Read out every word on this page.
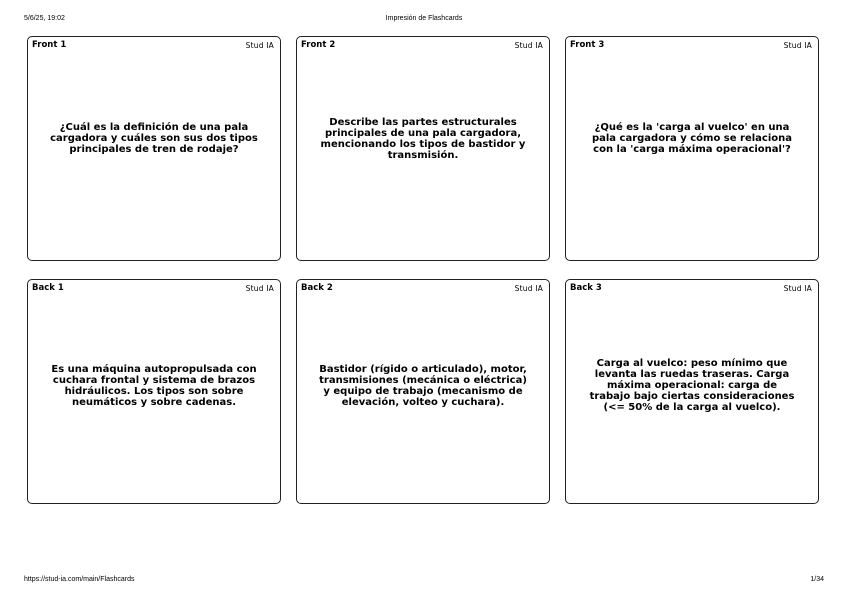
5/6/25, 19:02	Impresión de Flashcards
Front 1	Stud IA
¿Cuál es la definición de una pala cargadora y cuáles son sus dos tipos principales de tren de rodaje?
Front 2	Stud IA
Describe las partes estructurales principales de una pala cargadora, mencionando los tipos de bastidor y transmisión.
Front 3	Stud IA
¿Qué es la 'carga al vuelco' en una pala cargadora y cómo se relaciona con la 'carga máxima operacional'?
Back 1	Stud IA
Es una máquina autopropulsada con cuchara frontal y sistema de brazos hidráulicos. Los tipos son sobre neumáticos y sobre cadenas.
Back 2	Stud IA
Bastidor (rígido o articulado), motor, transmisiones (mecánica o eléctrica) y equipo de trabajo (mecanismo de elevación, volteo y cuchara).
Back 3	Stud IA
Carga al vuelco: peso mínimo que levanta las ruedas traseras. Carga máxima operacional: carga de trabajo bajo ciertas consideraciones (<= 50% de la carga al vuelco).
https://stud-ia.com/main/Flashcards	1/34
